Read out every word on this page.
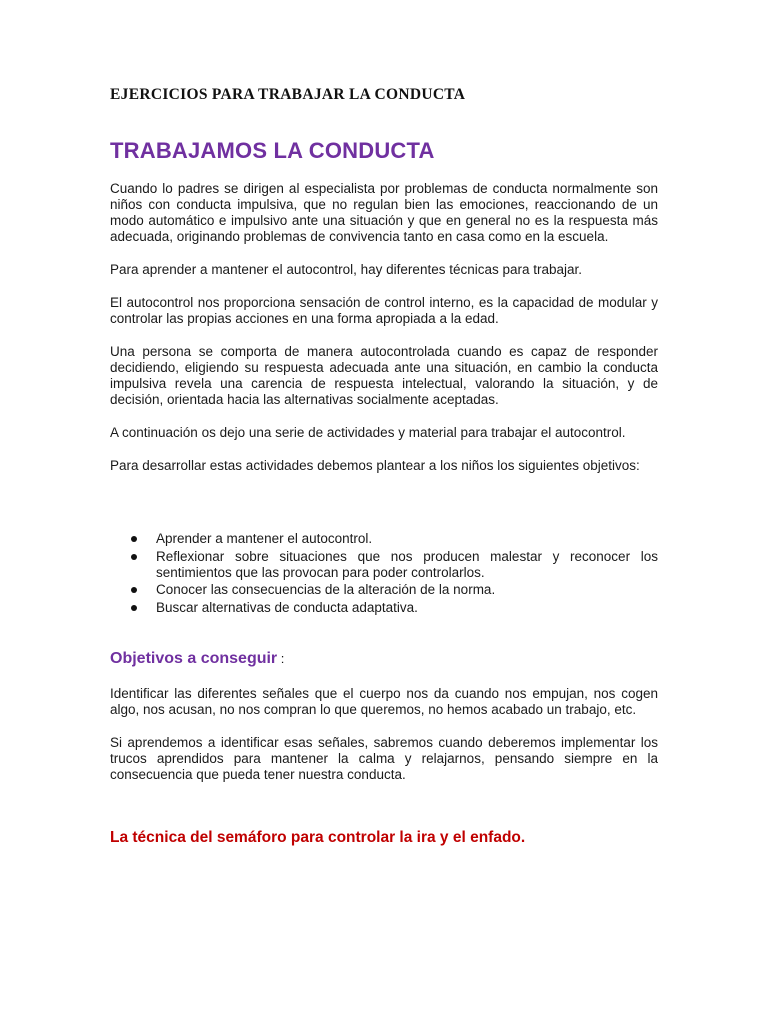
EJERCICIOS PARA TRABAJAR LA CONDUCTA
TRABAJAMOS LA CONDUCTA

Cuando lo padres se dirigen al especialista por problemas de conducta normalmente son niños con conducta impulsiva, que no regulan bien las emociones, reaccionando de un modo automático e impulsivo ante una situación y que en general no es la respuesta más adecuada, originando problemas de convivencia tanto en casa como en la escuela.

Para aprender a mantener el autocontrol, hay diferentes técnicas para trabajar.

El autocontrol nos proporciona sensación de control interno, es la capacidad de modular y controlar las propias acciones en una forma apropiada a la edad.

Una persona se comporta de manera autocontrolada cuando es capaz de responder decidiendo, eligiendo su respuesta adecuada ante una situación, en cambio la conducta impulsiva revela una carencia de respuesta intelectual, valorando la situación, y de decisión, orientada hacia las alternativas socialmente aceptadas.

A continuación os dejo una serie de actividades y material para trabajar el autocontrol.

Para desarrollar estas actividades debemos plantear a los niños los siguientes objetivos:

Aprender a mantener el autocontrol.
Reflexionar sobre situaciones que nos producen malestar y reconocer los sentimientos que las provocan para poder controlarlos.
Conocer las consecuencias de la alteración de la norma.
Buscar alternativas de conducta adaptativa.
Objetivos a conseguir :

Identificar las diferentes señales que el cuerpo nos da cuando nos empujan, nos cogen algo, nos acusan, no nos compran lo que queremos, no hemos acabado un trabajo, etc.

Si aprendemos a identificar esas señales, sabremos cuando deberemos implementar los trucos aprendidos para mantener la calma y relajarnos, pensando siempre en la consecuencia que pueda tener nuestra conducta.

La técnica del semáforo para controlar la ira y el enfado.
